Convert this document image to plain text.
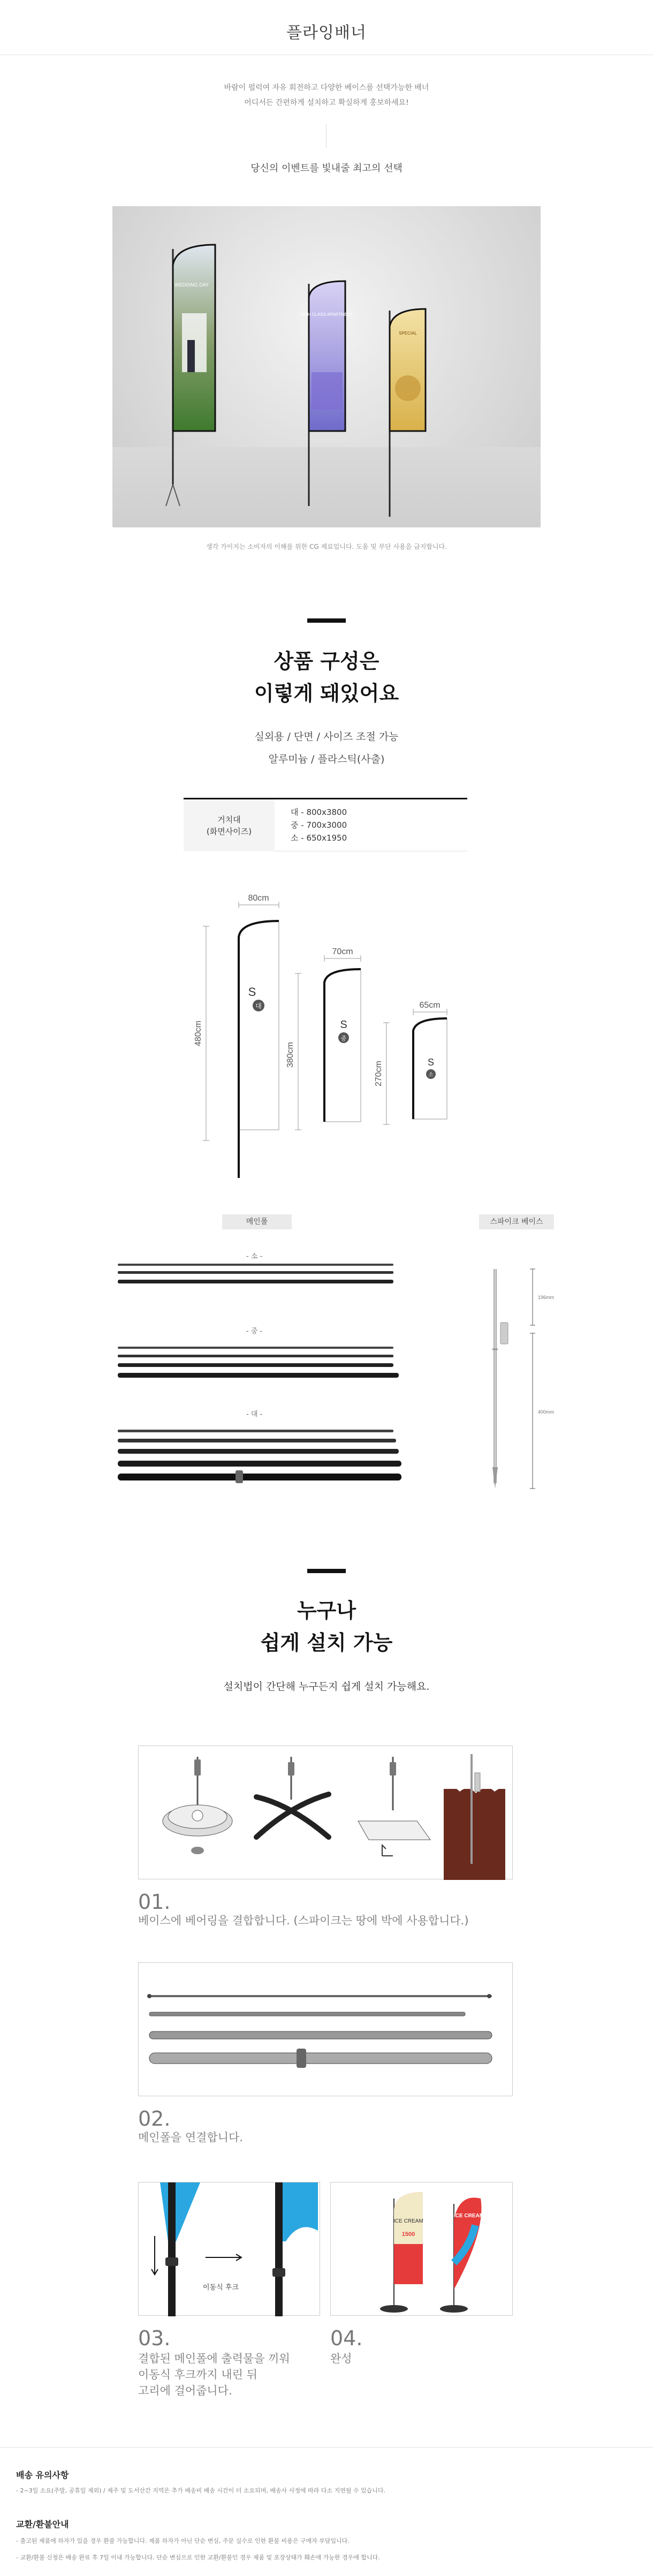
플라잉배너
바람이 펄럭여 자유 회전하고 다양한 베이스를 선택가능한 배너
어디서든 간편하게 설치하고 확실하게 홍보하세요!
당신의 이벤트를 빛내줄 최고의 선택
WEDDING DAY
HIGH CLASS APARTMENT
SPECIAL
생각 가이지는 소비자의 이해를 위한 CG 제료입니다. 도움 및 부단 사용을 금지합니다.
상품 구성은
이렇게 돼있어요
실외용 / 단면 / 사이즈 조절 가능
알루미늄 / 플라스틱(사출)
거치대
(화면사이즈)
대 - 800x3800
중 - 700x3000
소 - 650x1950
80cm
480cm
S
대
70cm
380cm
S
중
65cm
270cm	S
소
메인폴	스파이크 베이스
- 소 -
- 중 -
- 대 -
196mm
400mm
누구나
쉽게 설치 가능
설치법이 간단해 누구든지 쉽게 설치 가능해요.
01.
베이스에 베어링을 결합합니다. (스파이크는 땅에 박에 사용합니다.)
02.
메인폴을 연결합니다.
이동식 후크
ICE CREAM
1500
ICE CREAM
03.
결합된 메인폴에 출력물을 끼워
이동식 후크까지 내린 뒤
고리에 걸어줍니다.
04.
완성
배송 유의사항
- 2~3일 소요(주말, 공휴일 제외) / 제주 및 도서산간 지역은 추가 배송비 배송 시간이 더 소요되며, 배송사 사정에 따라 다소 지연될 수 있습니다.
교환/환불안내
- 출고된 제품에 하자가 있을 경우 환불 가능합니다. 제품 하자가 아닌 단순 변심, 주문 실수로 인한 환불 비용은 구매자 부담입니다.
- 교환/환불 신청은 배송 완료 후 7일 이내 가능합니다. 단순 변심으로 인한 교환/환불인 경우 제품 및 포장상태가 훼손에 가능한 경우에 합니다.
